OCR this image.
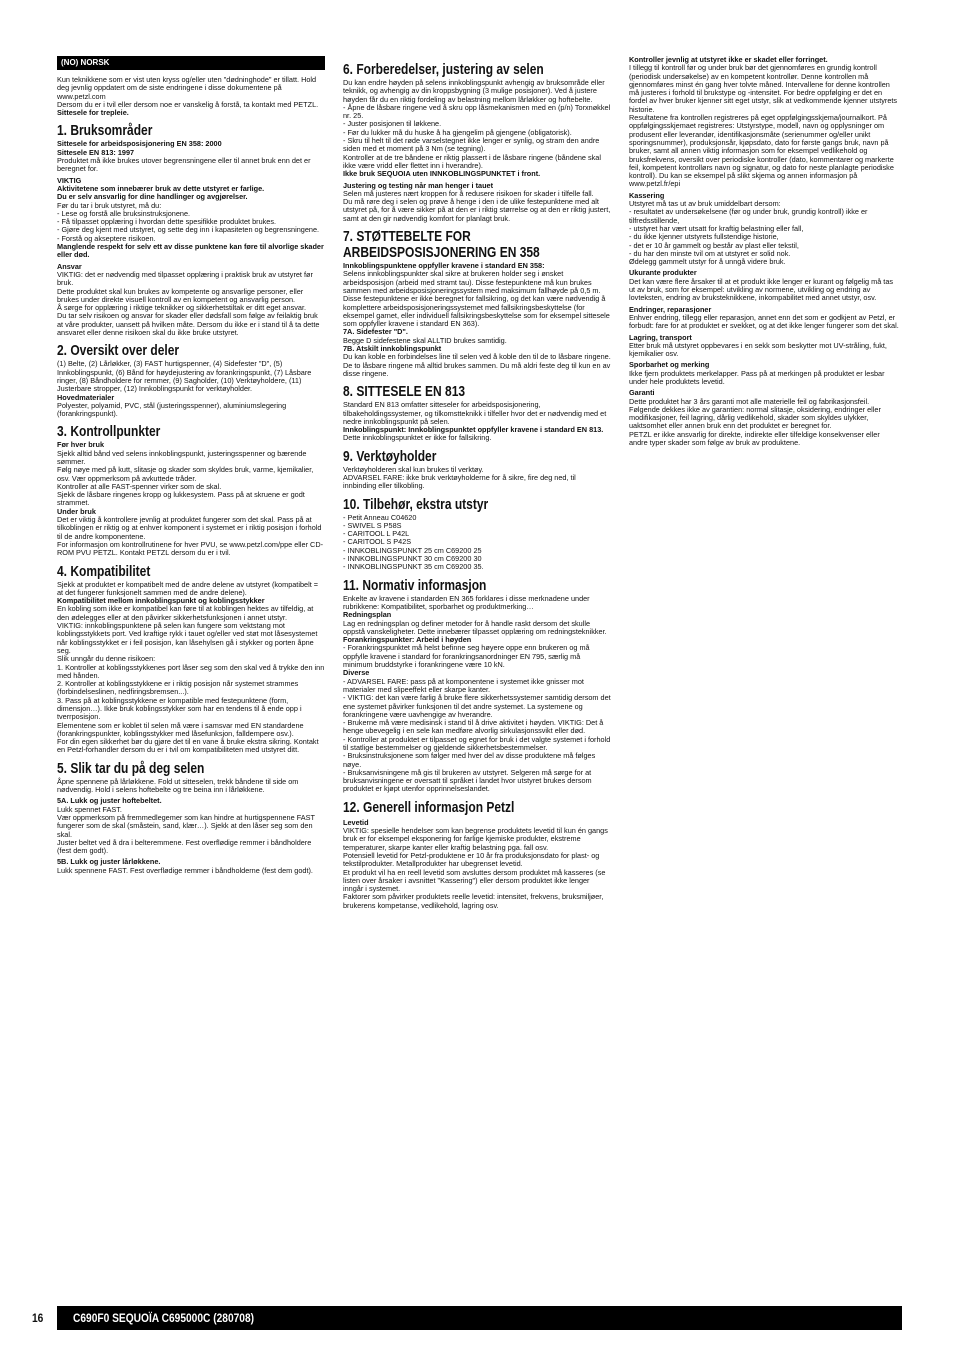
(NO) NORSK
Kun teknikkene som er vist uten kryss og/eller uten "dødninghode" er tillatt. Hold deg jevnlig oppdatert om de siste endringene i disse dokumentene på www.petzl.com
Dersom du er i tvil eller dersom noe er vanskelig å forstå, ta kontakt med PETZL.
Sittesele for trepleie.
1. Bruksområder
Sittesele for arbeidsposisjonering EN 358: 2000
Sittesele EN 813: 1997
Produktet må ikke brukes utover begrensningene eller til annet bruk enn det er beregnet for.
VIKTIG
Aktivitetene som innebærer bruk av dette utstyret er farlige.
Du er selv ansvarlig for dine handlinger og avgjørelser.
Før du tar i bruk utstyret, må du:
- Lese og forstå alle bruksinstruksjonene.
- Få tilpasset opplæring i hvordan dette spesifikke produktet brukes.
- Gjøre deg kjent med utstyret, og sette deg inn i kapasiteten og begrensningene.
- Forstå og akseptere risikoen.
Manglende respekt for selv ett av disse punktene kan føre til alvorlige skader eller død.
Ansvar
VIKTIG: det er nødvendig med tilpasset opplæring i praktisk bruk av utstyret før bruk.
Dette produktet skal kun brukes av kompetente og ansvarlige personer, eller brukes under direkte visuell kontroll av en kompetent og ansvarlig person.
Å sørge for opplæring i riktige teknikker og sikkerhetstiltak er ditt eget ansvar.
Du tar selv risikoen og ansvar for skader eller dødsfall som følge av feilaktig bruk at våre produkter, uansett på hvilken måte. Dersom du ikke er i stand til å ta dette ansvaret eller denne risikoen skal du ikke bruke utstyret.
2. Oversikt over deler
(1) Belte, (2) Lårløkker, (3) FAST hurtigspenner, (4) Sidefester "D", (5) Innkoblingspunkt, (6) Bånd for høydejustering av forankringspunkt, (7) Låsbare ringer, (8) Båndholdere for remmer, (9) Sagholder, (10) Verktøyholdere, (11) Justerbare stropper, (12) Innkoblingspunkt for verktøyholder.
Hovedmaterialer
Polyester, polyamid, PVC, stål (justeringsspenner), aluminiumslegering (forankringspunkt).
3. Kontrollpunkter
Før hver bruk
Sjekk alltid bånd ved selens innkoblingspunkt, justeringsspenner og bærende sømmer.
Følg nøye med på kutt, slitasje og skader som skyldes bruk, varme, kjemikalier, osv. Vær oppmerksom på avkuttede tråder.
Kontroller at alle FAST-spenner virker som de skal.
Sjekk de låsbare ringenes kropp og lukkesystem. Pass på at skruene er godt strammet.
Under bruk
Det er viktig å kontrollere jevnlig at produktet fungerer som det skal. Pass på at tilkoblingen er riktig og at enhver komponent i systemet er i riktig posisjon i forhold til de andre komponentene.
For informasjon om kontrollrutinene for hver PVU, se www.petzl.com/ppe eller CD-ROM PVU PETZL. Kontakt PETZL dersom du er i tvil.
4. Kompatibilitet
Sjekk at produktet er kompatibelt med de andre delene av utstyret (kompatibelt = at det fungerer funksjonelt sammen med de andre delene).
Kompatibilitet mellom innkoblingspunkt og koblingsstykker
En kobling som ikke er kompatibel kan føre til at koblingen hektes av tilfeldig, at den ødelegges eller at den påvirker sikkerhetsfunksjonen i annet utstyr.
VIKTIG: innkoblingspunktene på selen kan fungere som vektstang mot koblingsstykkets port. Ved kraftige rykk i tauet og/eller ved støt mot låsesystemet når koblingsstykket er i feil posisjon, kan låsehylsen gå i stykker og porten åpne seg.
Slik unngår du denne risikoen:
1. Kontroller at koblingsstykkenes port låser seg som den skal ved å trykke den inn med hånden.
2. Kontroller at koblingsstykkene er i riktig posisjon når systemet strammes (forbindelseslinen, nedfiringsbremsen...).
3. Pass på at koblingsstykkene er kompatible med festepunktene (form, dimensjon…). Ikke bruk koblingsstykker som har en tendens til å ende opp i tverrposisjon.
Elementene som er koblet til selen må være i samsvar med EN standardene (forankringspunkter, koblingsstykker med låsefunksjon, falldempere osv.).
For din egen sikkerhet bør du gjøre det til en vane å bruke ekstra sikring. Kontakt en Petzl-forhandler dersom du er i tvil om kompatibiliteten med utstyret ditt.
5. Slik tar du på deg selen
Åpne spennene på lårløkkene. Fold ut sitteselen, trekk båndene til side om nødvendig. Hold i selens hoftebelte og tre beina inn i lårløkkene.
5A. Lukk og juster hoftebeltet.
Lukk spennet FAST.
Vær oppmerksom på fremmedlegemer som kan hindre at hurtigspennene FAST fungerer som de skal (småstein, sand, klær…). Sjekk at den låser seg som den skal.
Juster beltet ved å dra i belteremmene. Fest overflødige remmer i båndholdere (fest dem godt).
5B. Lukk og juster lårløkkene.
Lukk spennene FAST. Fest overflødige remmer i båndholderne (fest dem godt).
6. Forberedelser, justering av selen
Du kan endre høyden på selens innkoblingspunkt avhengig av bruksområde eller teknikk, og avhengig av din kroppsbygning (3 mulige posisjoner). Ved å justere høyden får du en riktig fordeling av belastning mellom lårløkker og hoftebelte.
- Åpne de låsbare ringene ved å skru opp låsmekanismen med en (p/n) Torxnøkkel nr. 25.
- Juster posisjonen til løkkene.
- Før du lukker må du huske å ha gjengelim på gjengene (obligatorisk).
- Skru til helt til det røde varselstegnet ikke lenger er synlig, og stram den andre siden med et moment på 3 Nm (se tegning).
Kontroller at de tre båndene er riktig plassert i de låsbare ringene (båndene skal ikke være vridd eller flettet inn i hverandre).
Ikke bruk SEQUOIA uten INNKOBLINGSPUNKTET i front.
Justering og testing når man henger i tauet
Selen må justeres nært kroppen for å redusere risikoen for skader i tilfelle fall.
Du må røre deg i selen og prøve å henge i den i de ulike festepunktene med alt utstyret på, for å være sikker på at den er i riktig størrelse og at den er riktig justert, samt at den gir nødvendig komfort for planlagt bruk.
7. STØTTEBELTE FOR ARBEIDSPOSISJONERING EN 358
Innkoblingspunktene oppfyller kravene i standard EN 358:
Selens innkoblingspunkter skal sikre at brukeren holder seg i ønsket arbeidsposisjon (arbeid med stramt tau). Disse festepunktene må kun brukes sammen med arbeidsposisjoneringssystem med maksimum fallhøyde på 0,5 m.
Disse festepunktene er ikke beregnet for fallsikring, og det kan være nødvendig å komplettere arbeidsposisjoneringssystemet med fallsikringsbeskyttelse (for eksempel garnet, eller individuell fallsikringsbeskyttelse som for eksempel sittesele som oppfyller kravene i standard EN 363).
7A. Sidefester "D".
Begge D sidefestene skal ALLTID brukes samtidig.
7B. Atskilt innkoblingspunkt
Du kan koble en forbindelses line til selen ved å koble den til de to låsbare ringene. De to låsbare ringene må alltid brukes sammen. Du må aldri feste deg til kun en av disse ringene.
8. SITTESELE EN 813
Standard EN 813 omfatter sitteseler for arbeidsposisjonering, tilbakeholdingssystemer, og tilkomstteknikk i tilfeller hvor det er nødvendig med et nedre innkoblingspunkt på selen.
Innkoblingspunkt: Innkoblingspunktet oppfyller kravene i standard EN 813.
Dette innkoblingspunktet er ikke for fallsikring.
9. Verktøyholder
Verktøyholderen skal kun brukes til verktøy.
ADVARSEL FARE: ikke bruk verktøyholderne for å sikre, fire deg ned, til innbinding eller tilkobling.
10. Tilbehør, ekstra utstyr
- Petit Anneau C04620
- SWIVEL S P58S
- CARITOOL L P42L
- CARITOOL S P42S
- INNKOBLINGSPUNKT 25 cm C69200 25
- INNKOBLINGSPUNKT 30 cm C69200 30
- INNKOBLINGSPUNKT 35 cm C69200 35.
11. Normativ informasjon
Enkelte av kravene i standarden EN 365 forklares i disse merknadene under rubrikkene: Kompatibilitet, sporbarhet og produktmerking…
Redningsplan
Lag en redningsplan og definer metoder for å handle raskt dersom det skulle oppstå vanskeligheter. Dette innebærer tilpasset opplæring om redningsteknikker.
Forankringspunkter: Arbeid i høyden
- Forankringspunktet må helst befinne seg høyere oppe enn brukeren og må oppfylle kravene i standard for forankringsanordninger EN 795, særlig må minimum bruddstyrke i forankringene være 10 kN.
Diverse
- ADVARSEL FARE: pass på at komponentene i systemet ikke gnisser mot materialer med slipeeffekt eller skarpe kanter.
- VIKTIG: det kan være farlig å bruke flere sikkerhetssystemer samtidig dersom det ene systemet påvirker funksjonen til det andre systemet. La systemene og forankringene være uavhengige av hverandre.
- Brukerne må være medisinsk i stand til å drive aktivitet i høyden. VIKTIG: Det å henge ubevegelig i en sele kan medføre alvorlig sirkulasjonssvikt eller død.
- Kontroller at produktet er tilpasset og egnet for bruk i det valgte systemet i forhold til statlige bestemmelser og gjeldende sikkerhetsbestemmelser.
- Bruksinstruksjonene som følger med hver del av disse produktene må følges nøye.
- Bruksanvisningene må gis til brukeren av utstyret. Selgeren må sørge for at bruksanvisningene er oversatt til språket i landet hvor utstyret brukes dersom produktet er kjøpt utenfor opprinnelseslandet.
12. Generell informasjon Petzl
Levetid
VIKTIG: spesielle hendelser som kan begrense produktets levetid til kun én gangs bruk er for eksempel eksponering for farlige kjemiske produkter, ekstreme temperaturer, skarpe kanter eller kraftig belastning pga. fall osv.
Potensiell levetid for Petzl-produktene er 10 år fra produksjonsdato for plast- og tekstilprodukter. Metallprodukter har ubegrenset levetid.
Et produkt vil ha en reell levetid som avsluttes dersom produktet må kasseres (se listen over årsaker i avsnittet "Kassering") eller dersom produktet ikke lenger inngår i systemet.
Faktorer som påvirker produktets reelle levetid: intensitet, frekvens, bruksmiljøer, brukerens kompetanse, vedlikehold, lagring osv.
Kontroller jevnlig at utstyret ikke er skadet eller forringet.
I tillegg til kontroll før og under bruk bør det gjennomføres en grundig kontroll (periodisk undersøkelse) av en kompetent kontrollør. Denne kontrollen må gjennomføres minst én gang hver tolvte måned. Intervallene for denne kontrollen må justeres i forhold til brukstype og -intensitet. For bedre oppfølging er det en fordel av hver bruker kjenner sitt eget utstyr, slik at vedkommende kjenner utstyrets historie.
Resultatene fra kontrollen registreres på eget oppfølgingsskjema/journalkort. På oppfølgingsskjemaet registreres: Utstyrstype, modell, navn og opplysninger om produsent eller leverandør, identifikasjonsmåte (serienummer og/eller unikt sporingsnummer), produksjonsår, kjøpsdato, dato for første gangs bruk, navn på bruker, samt all annen viktig informasjon som for eksempel vedlikehold og bruksfrekvens, oversikt over periodiske kontroller (dato, kommentarer og markerte feil, kompetent kontrollørs navn og signatur, og dato for neste planlagte periodiske kontroll). Du kan se eksempel på slikt skjema og annen informasjon på www.petzl.fr/epi
Kassering
Utstyret må tas ut av bruk umiddelbart dersom:
- resultatet av undersøkelsene (før og under bruk, grundig kontroll) ikke er tilfredsstillende,
- utstyret har vært utsatt for kraftig belastning eller fall,
- du ikke kjenner utstyrets fullstendige historie,
- det er 10 år gammelt og består av plast eller tekstil,
- du har den minste tvil om at utstyret er solid nok.
Ødelegg gammelt utstyr for å unngå videre bruk.
Ukurante produkter
Det kan være flere årsaker til at et produkt ikke lenger er kurant og følgelig må tas ut av bruk, som for eksempel: utvikling av normene, utvikling og endring av lovteksten, endring av bruksteknikkene, inkompabilitet med annet utstyr, osv.
Endringer, reparasjoner
Enhver endring, tillegg eller reparasjon, annet enn det som er godkjent av Petzl, er forbudt: fare for at produktet er svekket, og at det ikke lenger fungerer som det skal.
Lagring, transport
Etter bruk må utstyret oppbevares i en sekk som beskytter mot UV-stråling, fukt, kjemikalier osv.
Sporbarhet og merking
Ikke fjern produktets merkelapper. Pass på at merkingen på produktet er lesbar under hele produktets levetid.
Garanti
Dette produktet har 3 års garanti mot alle materielle feil og fabrikasjonsfeil. Følgende dekkes ikke av garantien: normal slitasje, oksidering, endringer eller modifikasjoner, feil lagring, dårlig vedlikehold, skader som skyldes ulykker, uaktsomhet eller annen bruk enn det produktet er beregnet for.
PETZL er ikke ansvarlig for direkte, indirekte eller tilfeldige konsekvenser eller andre typer skader som følge av bruk av produktene.
16 C690F0 SEQUOÏA C695000C (280708)
